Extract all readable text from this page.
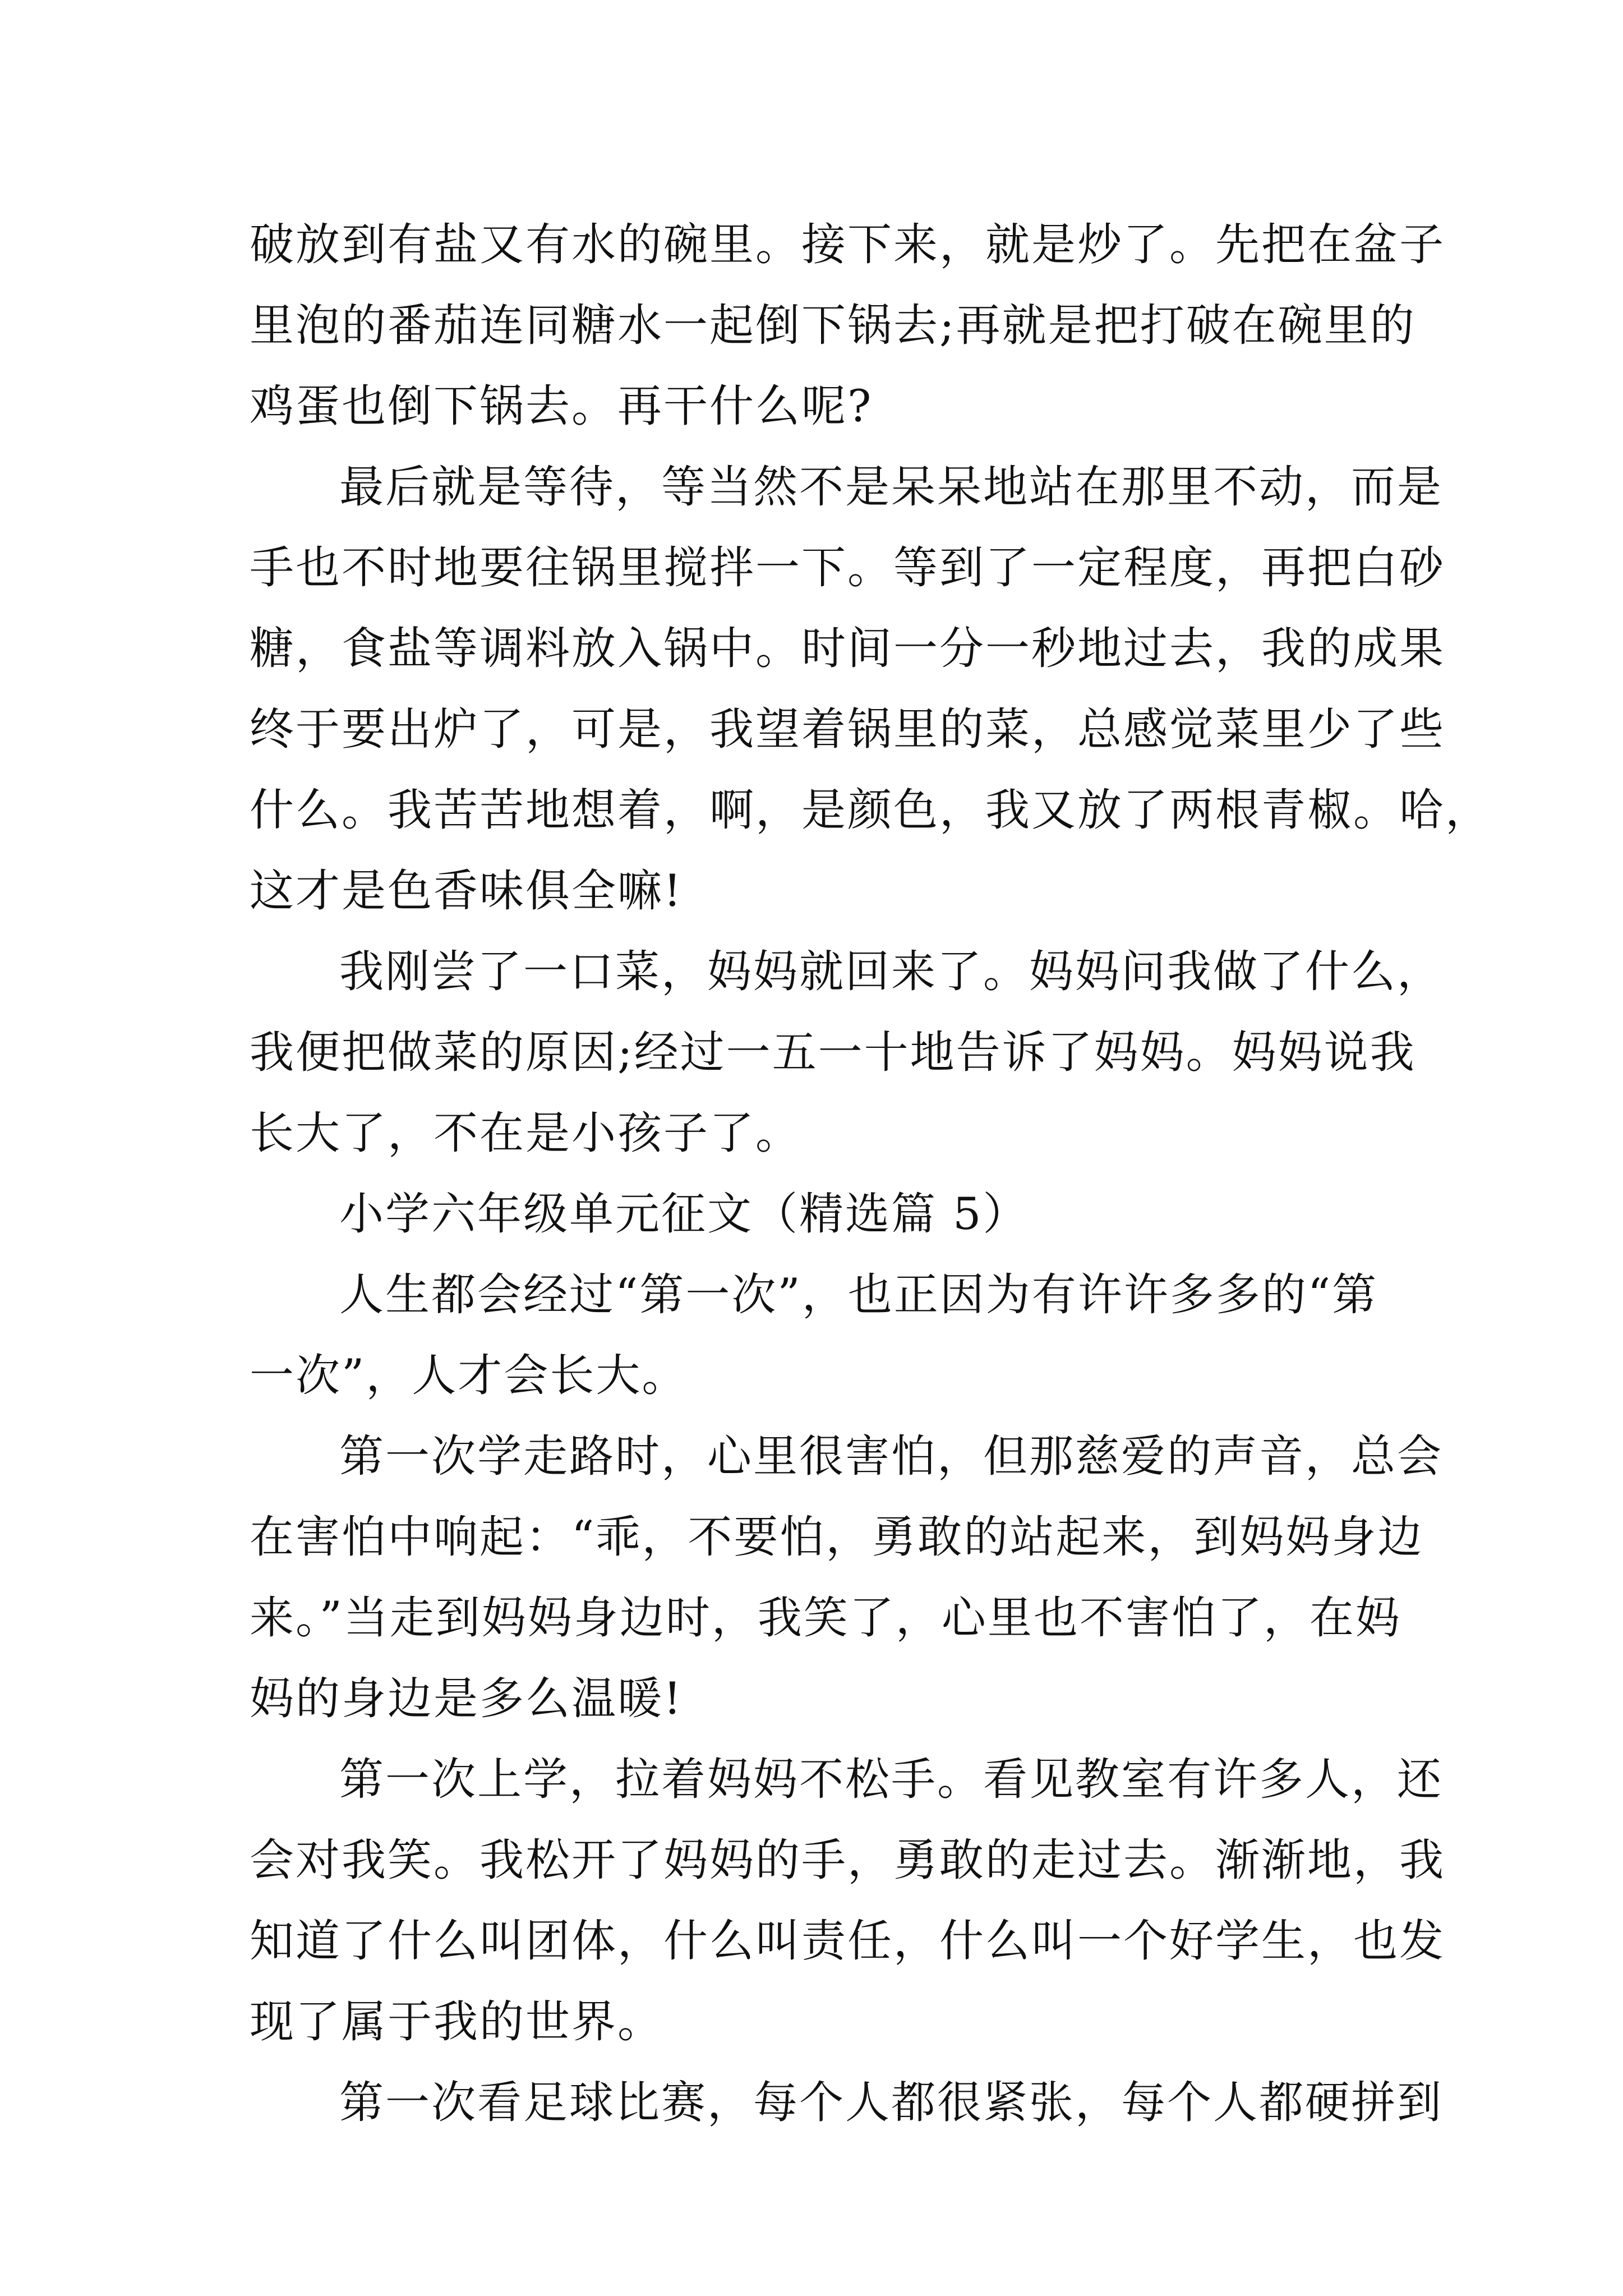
破放到有盐又有水的碗里。接下来，就是炒了。先把在盆子

里泡的番茄连同糖水一起倒下锅去;再就是把打破在碗里的

鸡蛋也倒下锅去。再干什么呢?

最后就是等待，等当然不是呆呆地站在那里不动，而是

手也不时地要往锅里搅拌一下。等到了一定程度，再把白砂

糖，食盐等调料放入锅中。时间一分一秒地过去，我的成果

终于要出炉了，可是，我望着锅里的菜，总感觉菜里少了些

什么。我苦苦地想着，啊，是颜色，我又放了两根青椒。哈，

这才是色香味俱全嘛!

我刚尝了一口菜，妈妈就回来了。妈妈问我做了什么，

我便把做菜的原因;经过一五一十地告诉了妈妈。妈妈说我

长大了，不在是小孩子了。

小学六年级单元征文（精选篇 5）

人生都会经过“第一次”，也正因为有许许多多的“第

一次”，人才会长大。

第一次学走路时，心里很害怕，但那慈爱的声音，总会

在害怕中响起：“乖，不要怕，勇敢的站起来，到妈妈身边

来。”当走到妈妈身边时，我笑了，心里也不害怕了，在妈

妈的身边是多么温暖!

第一次上学，拉着妈妈不松手。看见教室有许多人，还

会对我笑。我松开了妈妈的手，勇敢的走过去。渐渐地，我

知道了什么叫团体，什么叫责任，什么叫一个好学生，也发

现了属于我的世界。

第一次看足球比赛，每个人都很紧张，每个人都硬拼到
